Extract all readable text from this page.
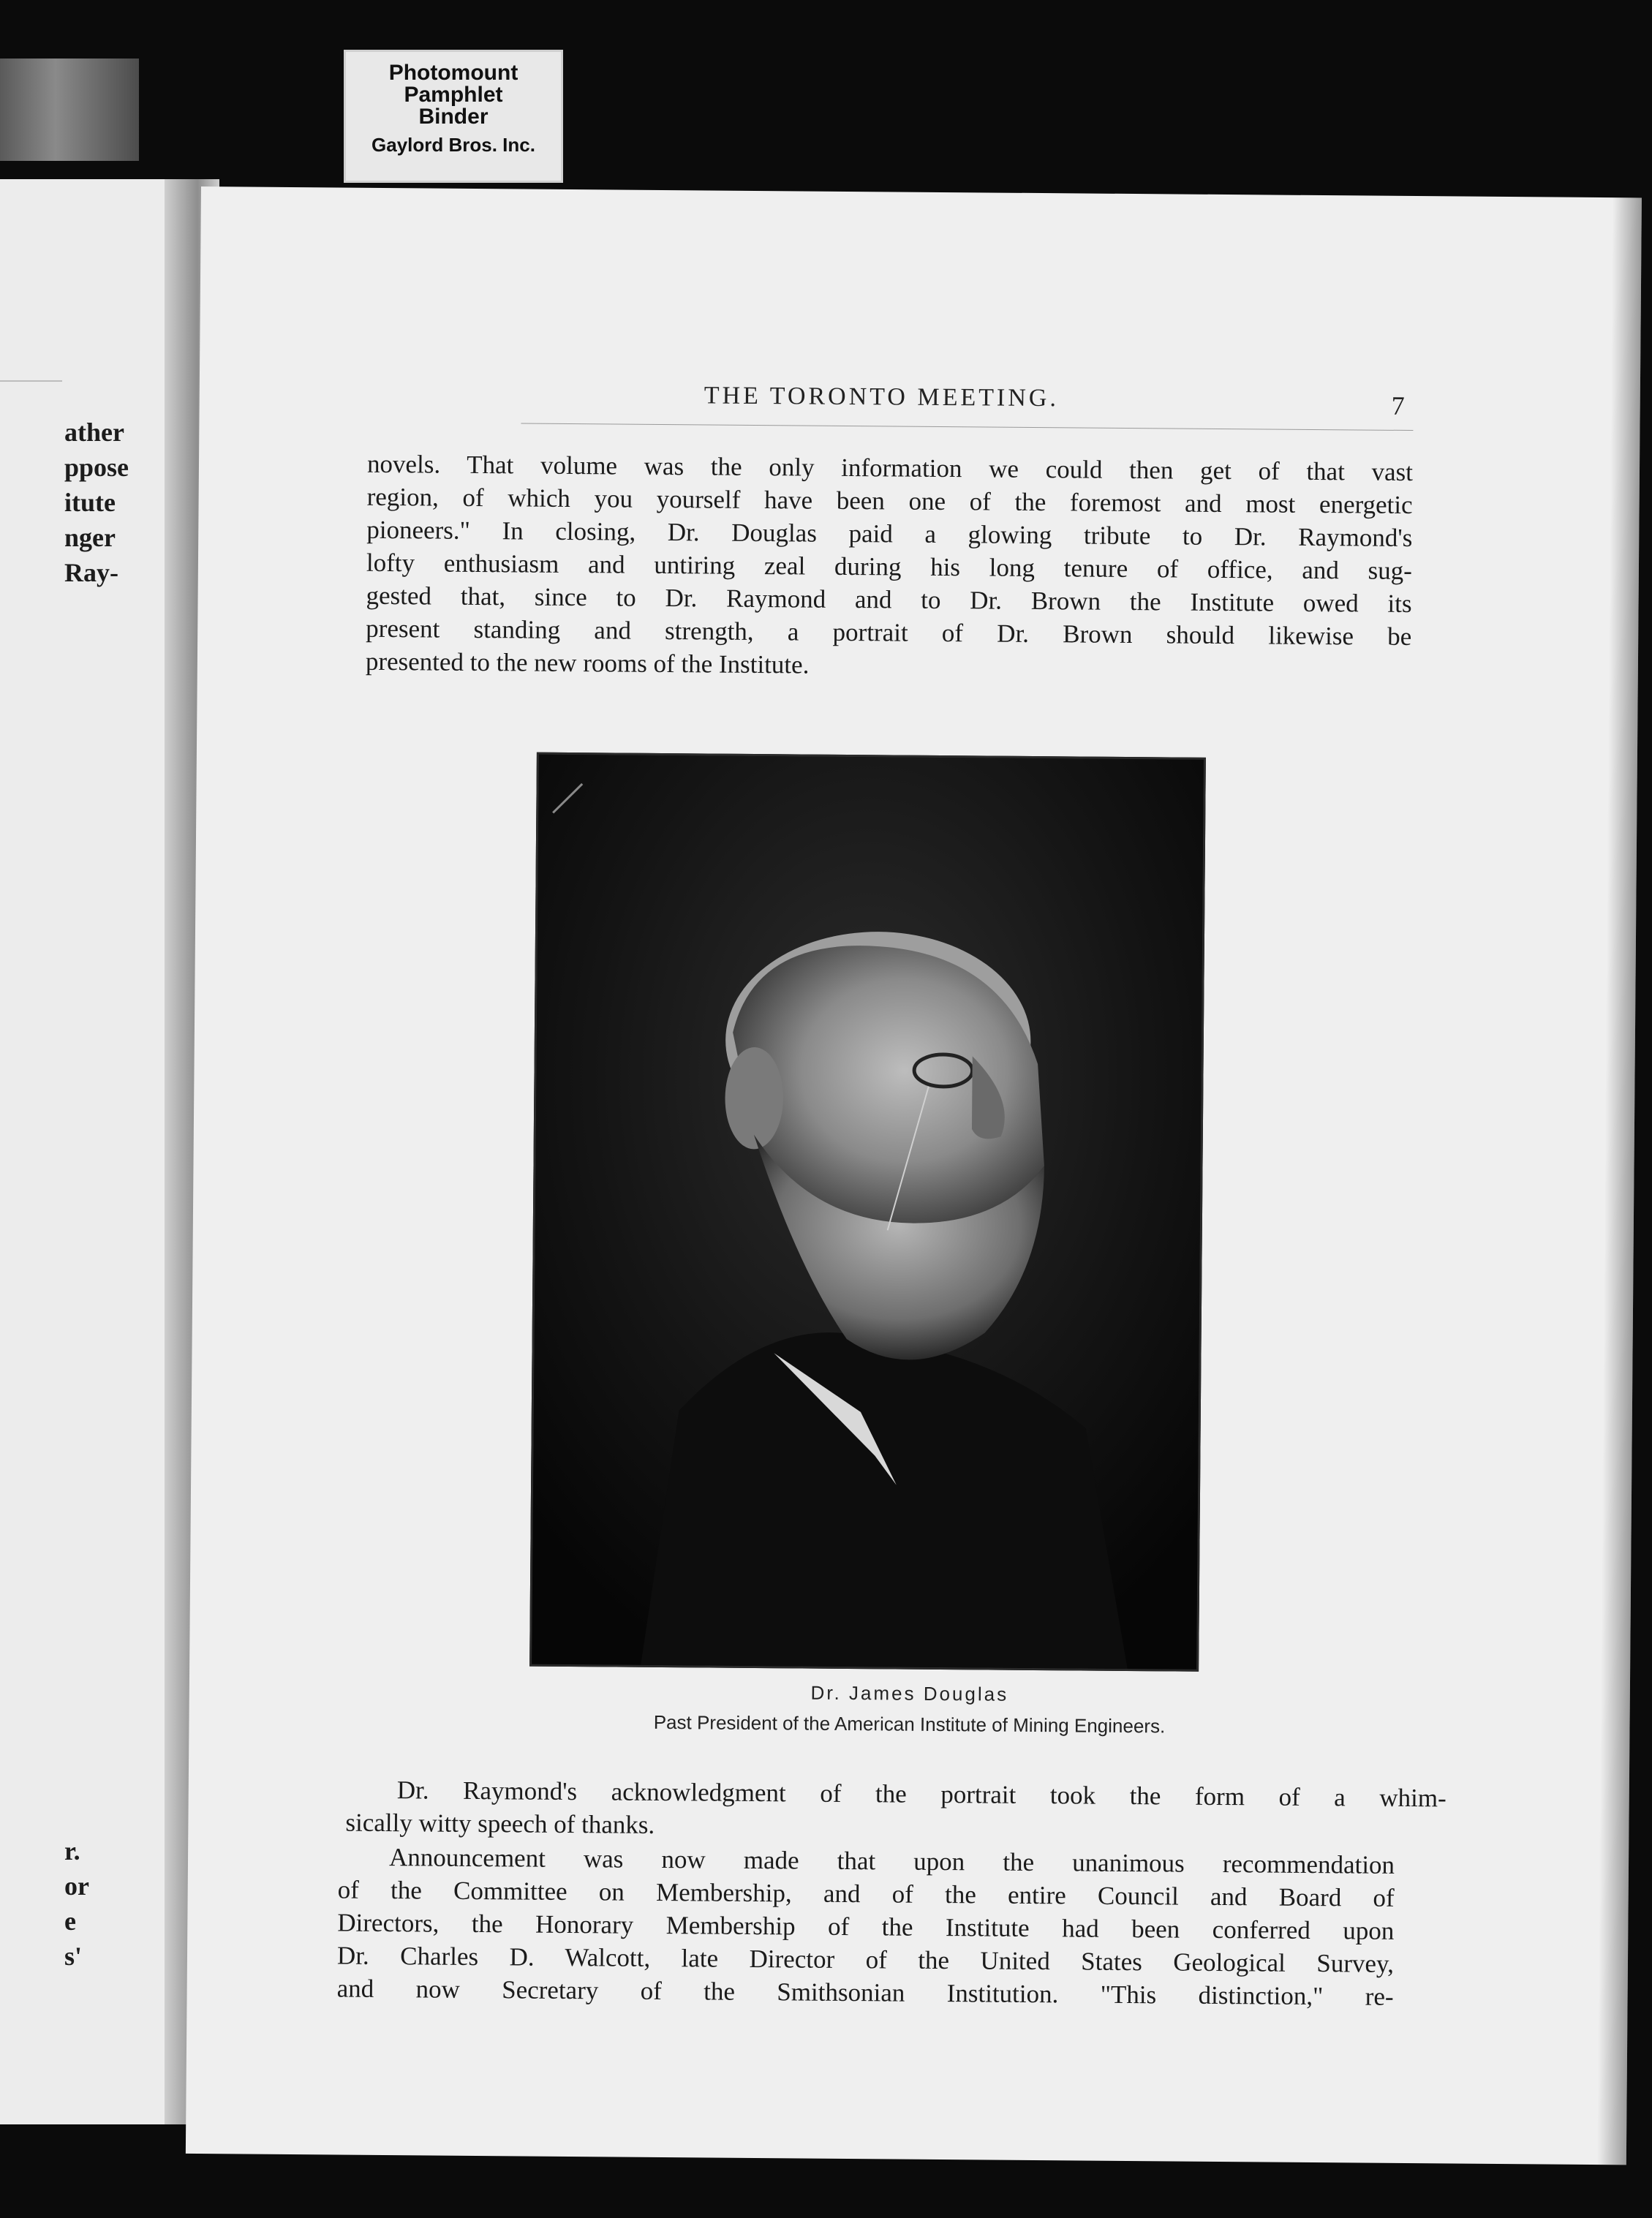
Photomount
Pamphlet
Binder
Gaylord Bros. Inc.
ather
ppose
itute
nger
Ray-
r.
or
e
s'
THE TORONTO MEETING.	7

novels. That volume was the only information we could then get of that vast
region, of which you yourself have been one of the foremost and most energetic
pioneers." In closing, Dr. Douglas paid a glowing tribute to Dr. Raymond's
lofty enthusiasm and untiring zeal during his long tenure of office, and sug-
gested that, since to Dr. Raymond and to Dr. Brown the Institute owed its
present standing and strength, a portrait of Dr. Brown should likewise be
presented to the new rooms of the Institute.

Dr. James Douglas
Past President of the American Institute of Mining Engineers.

Dr. Raymond's acknowledgment of the portrait took the form of a whim-
sically witty speech of thanks.

Announcement was now made that upon the unanimous recommendation
of the Committee on Membership, and of the entire Council and Board of
Directors, the Honorary Membership of the Institute had been conferred upon
Dr. Charles D. Walcott, late Director of the United States Geological Survey,
and now Secretary of the Smithsonian Institution. "This distinction," re-
